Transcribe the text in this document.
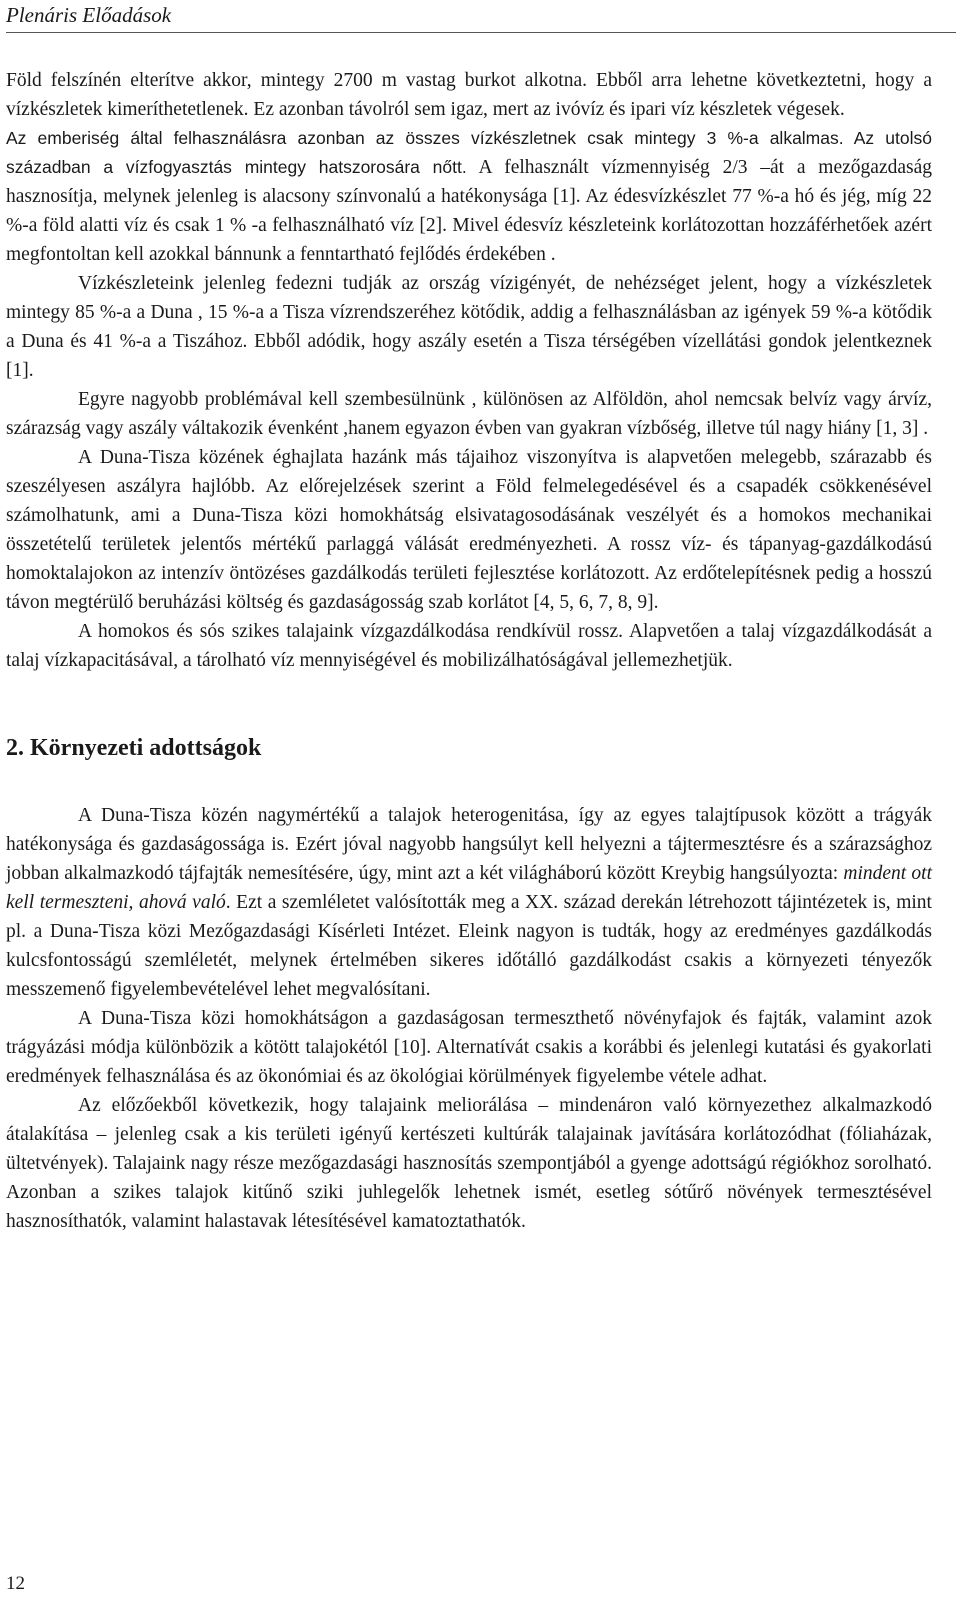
Plenáris Előadások

Föld felszínén elterítve akkor, mintegy 2700 m vastag burkot alkotna. Ebből arra lehetne következtetni, hogy a vízkészletek kimeríthetetlenek. Ez azonban távolról sem igaz, mert az ivóvíz és ipari víz készletek végesek.
Az emberiség által felhasználásra azonban az összes vízkészletnek csak mintegy 3 %-a alkalmas. Az utolsó században a vízfogyasztás mintegy hatszorosára nőtt. A felhasznált vízmennyiség 2/3 –át a mezőgazdaság hasznosítja, melynek jelenleg is alacsony színvonalú a hatékonysága [1]. Az édesvízkészlet 77 %-a hó és jég, míg 22 %-a föld alatti víz és csak 1 % -a felhasználható víz [2]. Mivel édesvíz készleteink korlátozottan hozzáférhetőek azért megfontoltan kell azokkal bánnunk a fenntartható fejlődés érdekében .

Vízkészleteink jelenleg fedezni tudják az ország vízigényét, de nehézséget jelent, hogy a vízkészletek mintegy 85 %-a a Duna , 15 %-a a Tisza vízrendszeréhez kötődik, addig a felhasználásban az igények 59 %-a kötődik a Duna és 41 %-a a Tiszához. Ebből adódik, hogy aszály esetén a Tisza térségében vízellátási gondok jelentkeznek [1].

Egyre nagyobb problémával kell szembesülnünk , különösen az Alföldön, ahol nemcsak belvíz vagy árvíz, szárazság vagy aszály váltakozik évenként ,hanem egyazon évben van gyakran vízbőség, illetve túl nagy hiány [1, 3] .

A Duna-Tisza közének éghajlata hazánk más tájaihoz viszonyítva is alapvetően melegebb, szárazabb és szeszélyesen aszályra hajlóbb. Az előrejelzések szerint a Föld felmelegedésével és a csapadék csökkenésével számolhatunk, ami a Duna-Tisza közi homokhátság elsivatagosodásának veszélyét és a homokos mechanikai összetételű területek jelentős mértékű parlaggá válását eredményezheti. A rossz víz- és tápanyag-gazdálkodású homoktalajokon az intenzív öntözéses gazdálkodás területi fejlesztése korlátozott. Az erdőtelepítésnek pedig a hosszú távon megtérülő beruházási költség és gazdaságosság szab korlátot [4, 5, 6, 7, 8, 9].

A homokos és sós szikes talajaink vízgazdálkodása rendkívül rossz. Alapvetően a talaj vízgazdálkodását a talaj vízkapacitásával, a tárolható víz mennyiségével és mobilizálhatóságával jellemezhetjük.

2. Környezeti adottságok

A Duna-Tisza közén nagymértékű a talajok heterogenitása, így az egyes talajtípusok között a trágyák hatékonysága és gazdaságossága is. Ezért jóval nagyobb hangsúlyt kell helyezni a tájtermesztésre és a szárazsághoz jobban alkalmazkodó tájfajták nemesítésére, úgy, mint azt a két világháború között Kreybig hangsúlyozta: mindent ott kell termeszteni, ahová való. Ezt a szemléletet valósították meg a XX. század derekán létrehozott tájintézetek is, mint pl. a Duna-Tisza közi Mezőgazdasági Kísérleti Intézet. Eleink nagyon is tudták, hogy az eredményes gazdálkodás kulcsfontosságú szemléletét, melynek értelmében sikeres időtálló gazdálkodást csakis a környezeti tényezők messzemenő figyelembevételével lehet megvalósítani.

A Duna-Tisza közi homokhátságon a gazdaságosan termeszthető növényfajok és fajták, valamint azok trágyázási módja különbözik a kötött talajokétól [10]. Alternatívát csakis a korábbi és jelenlegi kutatási és gyakorlati eredmények felhasználása és az ökonómiai és az ökológiai körülmények figyelembe vétele adhat.

Az előzőekből következik, hogy talajaink meliorálása – mindenáron való környezethez alkalmazkodó átalakítása – jelenleg csak a kis területi igényű kertészeti kultúrák talajainak javítására korlátozódhat (fóliaházak, ültetvények). Talajaink nagy része mezőgazdasági hasznosítás szempontjából a gyenge adottságú régiókhoz sorolható. Azonban a szikes talajok kitűnő sziki juhlegelők lehetnek ismét, esetleg sótűrő növények termesztésével hasznosíthatók, valamint halastavak létesítésével kamatoztathatók.

12
